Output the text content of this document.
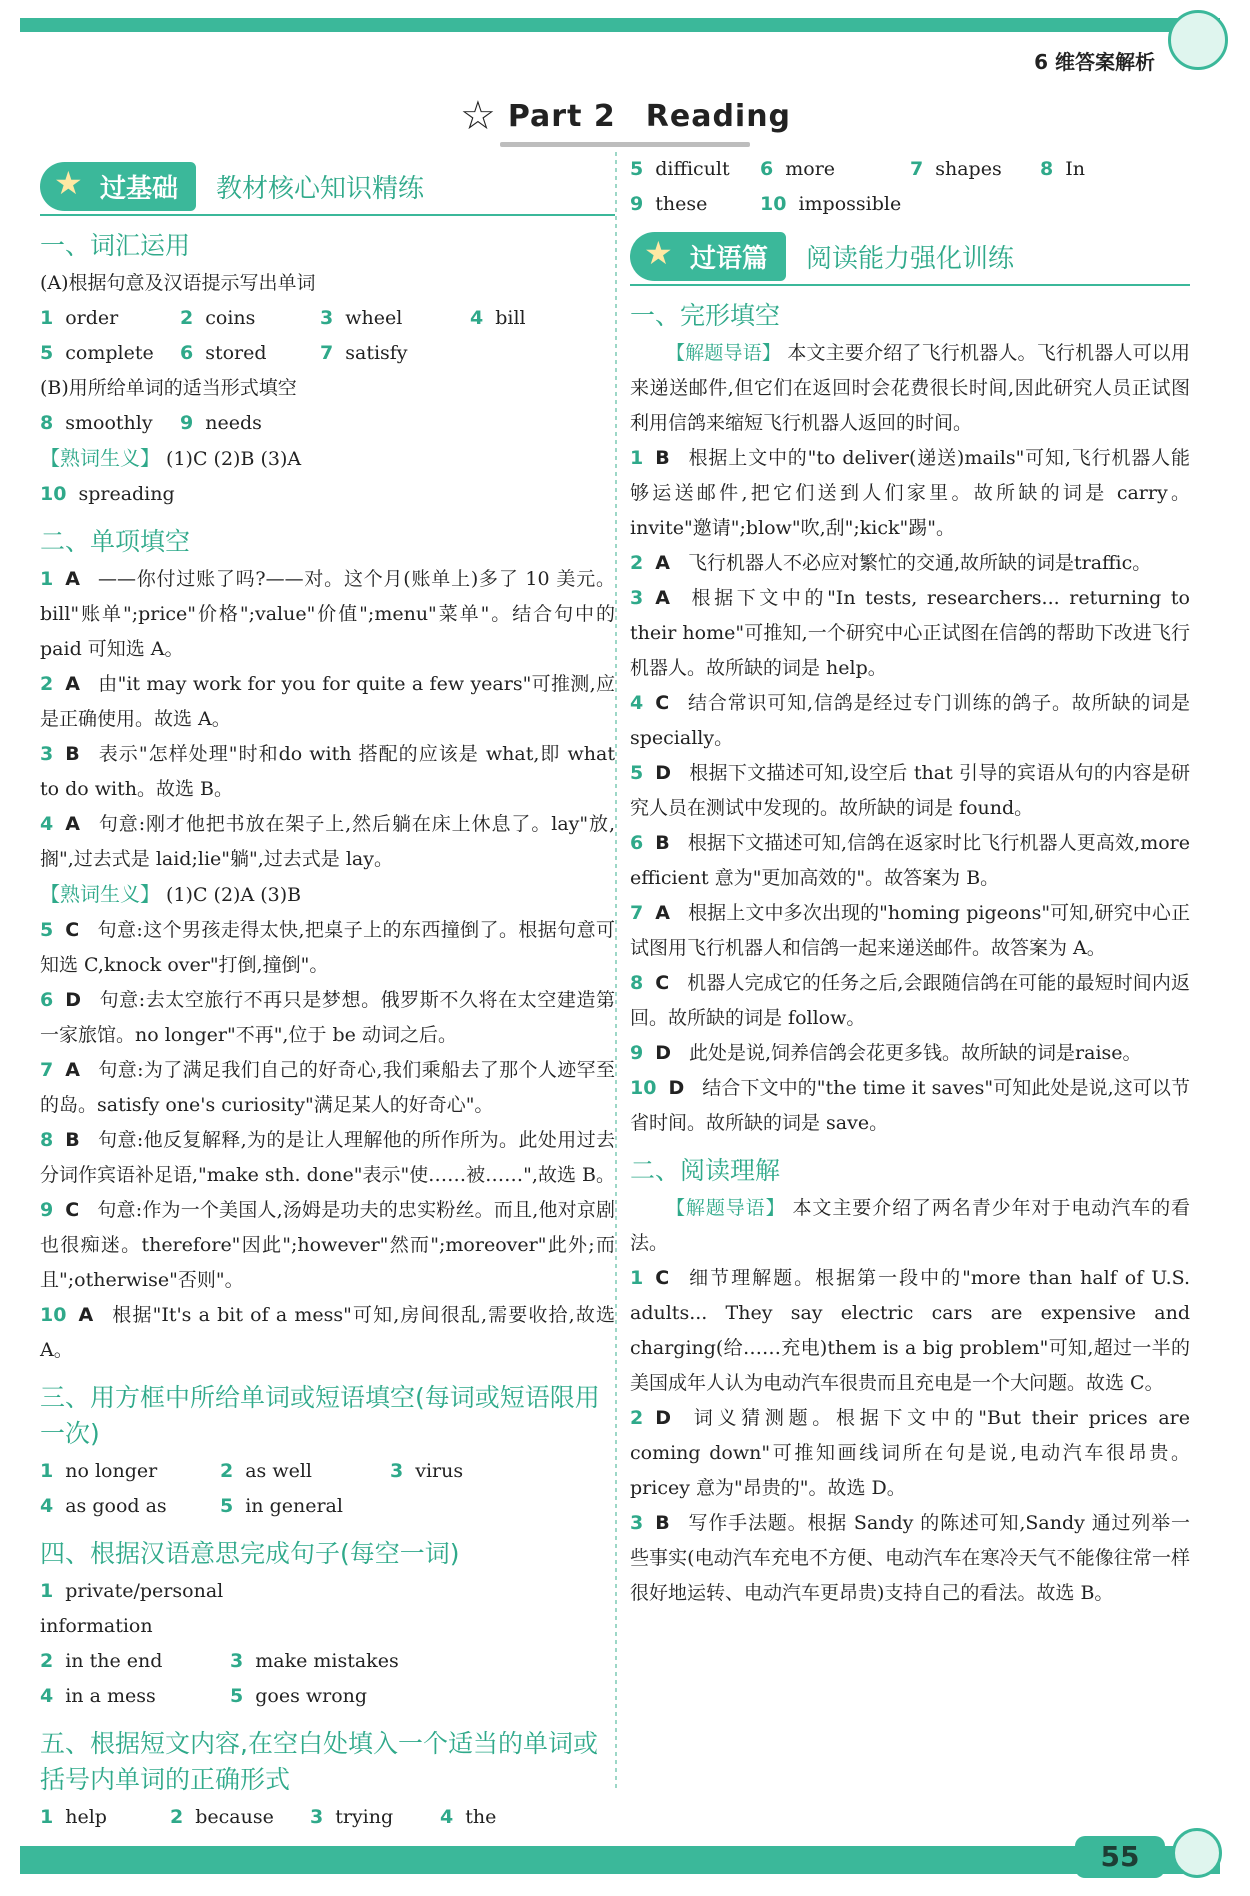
6 维答案解析
☆ Part 2 Reading
★ 过基础	教材核心知识精练
一、词汇运用
(A)根据句意及汉语提示写出单词
1 order	2 coins	3 wheel	4 bill
5 complete	6 stored	7 satisfy
(B)用所给单词的适当形式填空
8 smoothly	9 needs
【熟词生义】 (1)C (2)B (3)A
10 spreading
二、单项填空
1 A ——你付过账了吗?——对。这个月(账单上)多了 10 美元。bill"账单";price"价格";value"价值";menu"菜单"。结合句中的paid 可知选 A。
2 A 由"it may work for you for quite a few years"可推测,应是正确使用。故选 A。
3 B 表示"怎样处理"时和do with 搭配的应该是 what,即 what to do with。故选 B。
4 A 句意:刚才他把书放在架子上,然后躺在床上休息了。lay"放,搁",过去式是 laid;lie"躺",过去式是 lay。
【熟词生义】 (1)C (2)A (3)B
5 C 句意:这个男孩走得太快,把桌子上的东西撞倒了。根据句意可知选 C,knock over"打倒,撞倒"。
6 D 句意:去太空旅行不再只是梦想。俄罗斯不久将在太空建造第一家旅馆。no longer"不再",位于 be 动词之后。
7 A 句意:为了满足我们自己的好奇心,我们乘船去了那个人迹罕至的岛。satisfy one's curiosity"满足某人的好奇心"。
8 B 句意:他反复解释,为的是让人理解他的所作所为。此处用过去分词作宾语补足语,"make sth. done"表示"使……被……",故选 B。
9 C 句意:作为一个美国人,汤姆是功夫的忠实粉丝。而且,他对京剧也很痴迷。therefore"因此";however"然而";moreover"此外;而且";otherwise"否则"。
10 A 根据"It's a bit of a mess"可知,房间很乱,需要收拾,故选 A。
三、用方框中所给单词或短语填空(每词或短语限用一次)
1 no longer	2 as well	3 virus
4 as good as	5 in general
四、根据汉语意思完成句子(每空一词)
1 private/personal information
2 in the end	3 make mistakes
4 in a mess	5 goes wrong
五、根据短文内容,在空白处填入一个适当的单词或括号内单词的正确形式
1 help	2 because	3 trying	4 the
5 difficult	6 more	7 shapes	8 In
9 these	10 impossible
★ 过语篇	阅读能力强化训练
一、完形填空
【解题导语】 本文主要介绍了飞行机器人。飞行机器人可以用来递送邮件,但它们在返回时会花费很长时间,因此研究人员正试图利用信鸽来缩短飞行机器人返回的时间。
1 B 根据上文中的"to deliver(递送)mails"可知,飞行机器人能够运送邮件,把它们送到人们家里。故所缺的词是 carry。invite"邀请";blow"吹,刮";kick"踢"。
2 A 飞行机器人不必应对繁忙的交通,故所缺的词是traffic。
3 A 根据下文中的"In tests, researchers... returning to their home"可推知,一个研究中心正试图在信鸽的帮助下改进飞行机器人。故所缺的词是 help。
4 C 结合常识可知,信鸽是经过专门训练的鸽子。故所缺的词是 specially。
5 D 根据下文描述可知,设空后 that 引导的宾语从句的内容是研究人员在测试中发现的。故所缺的词是 found。
6 B 根据下文描述可知,信鸽在返家时比飞行机器人更高效,more efficient 意为"更加高效的"。故答案为 B。
7 A 根据上文中多次出现的"homing pigeons"可知,研究中心正试图用飞行机器人和信鸽一起来递送邮件。故答案为 A。
8 C 机器人完成它的任务之后,会跟随信鸽在可能的最短时间内返回。故所缺的词是 follow。
9 D 此处是说,饲养信鸽会花更多钱。故所缺的词是raise。
10 D 结合下文中的"the time it saves"可知此处是说,这可以节省时间。故所缺的词是 save。
二、阅读理解
【解题导语】 本文主要介绍了两名青少年对于电动汽车的看法。
1 C 细节理解题。根据第一段中的"more than half of U.S. adults... They say electric cars are expensive and charging(给……充电)them is a big problem"可知,超过一半的美国成年人认为电动汽车很贵而且充电是一个大问题。故选 C。
2 D 词义猜测题。根据下文中的"But their prices are coming down"可推知画线词所在句是说,电动汽车很昂贵。pricey 意为"昂贵的"。故选 D。
3 B 写作手法题。根据 Sandy 的陈述可知,Sandy 通过列举一些事实(电动汽车充电不方便、电动汽车在寒冷天气不能像往常一样很好地运转、电动汽车更昂贵)支持自己的看法。故选 B。
55
